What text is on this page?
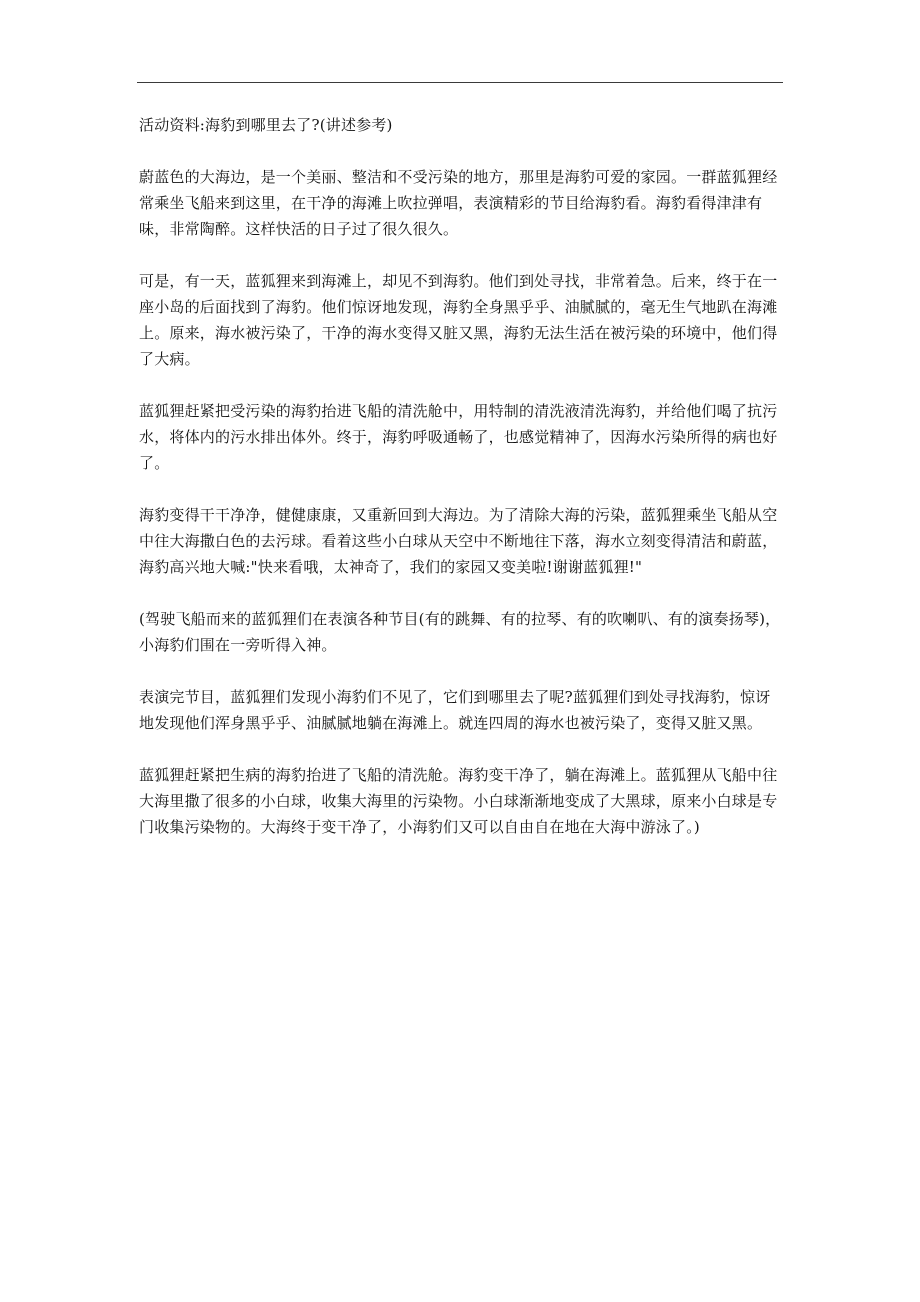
活动资料:海豹到哪里去了?(讲述参考)

蔚蓝色的大海边，是一个美丽、整洁和不受污染的地方，那里是海豹可爱的家园。一群蓝狐狸经常乘坐飞船来到这里，在干净的海滩上吹拉弹唱，表演精彩的节目给海豹看。海豹看得津津有味，非常陶醉。这样快活的日子过了很久很久。

可是，有一天，蓝狐狸来到海滩上，却见不到海豹。他们到处寻找，非常着急。后来，终于在一座小岛的后面找到了海豹。他们惊讶地发现，海豹全身黑乎乎、油腻腻的，毫无生气地趴在海滩上。原来，海水被污染了，干净的海水变得又脏又黑，海豹无法生活在被污染的环境中，他们得了大病。

蓝狐狸赶紧把受污染的海豹抬进飞船的清洗舱中，用特制的清洗液清洗海豹，并给他们喝了抗污水，将体内的污水排出体外。终于，海豹呼吸通畅了，也感觉精神了，因海水污染所得的病也好了。

海豹变得干干净净，健健康康，又重新回到大海边。为了清除大海的污染，蓝狐狸乘坐飞船从空中往大海撒白色的去污球。看着这些小白球从天空中不断地往下落，海水立刻变得清洁和蔚蓝，海豹高兴地大喊:"快来看哦，太神奇了，我们的家园又变美啦!谢谢蓝狐狸!"

(驾驶飞船而来的蓝狐狸们在表演各种节目(有的跳舞、有的拉琴、有的吹喇叭、有的演奏扬琴)，小海豹们围在一旁听得入神。

表演完节目，蓝狐狸们发现小海豹们不见了，它们到哪里去了呢?蓝狐狸们到处寻找海豹，惊讶地发现他们浑身黑乎乎、油腻腻地躺在海滩上。就连四周的海水也被污染了，变得又脏又黑。

蓝狐狸赶紧把生病的海豹抬进了飞船的清洗舱。海豹变干净了，躺在海滩上。蓝狐狸从飞船中往大海里撒了很多的小白球，收集大海里的污染物。小白球渐渐地变成了大黑球，原来小白球是专门收集污染物的。大海终于变干净了，小海豹们又可以自由自在地在大海中游泳了。)
